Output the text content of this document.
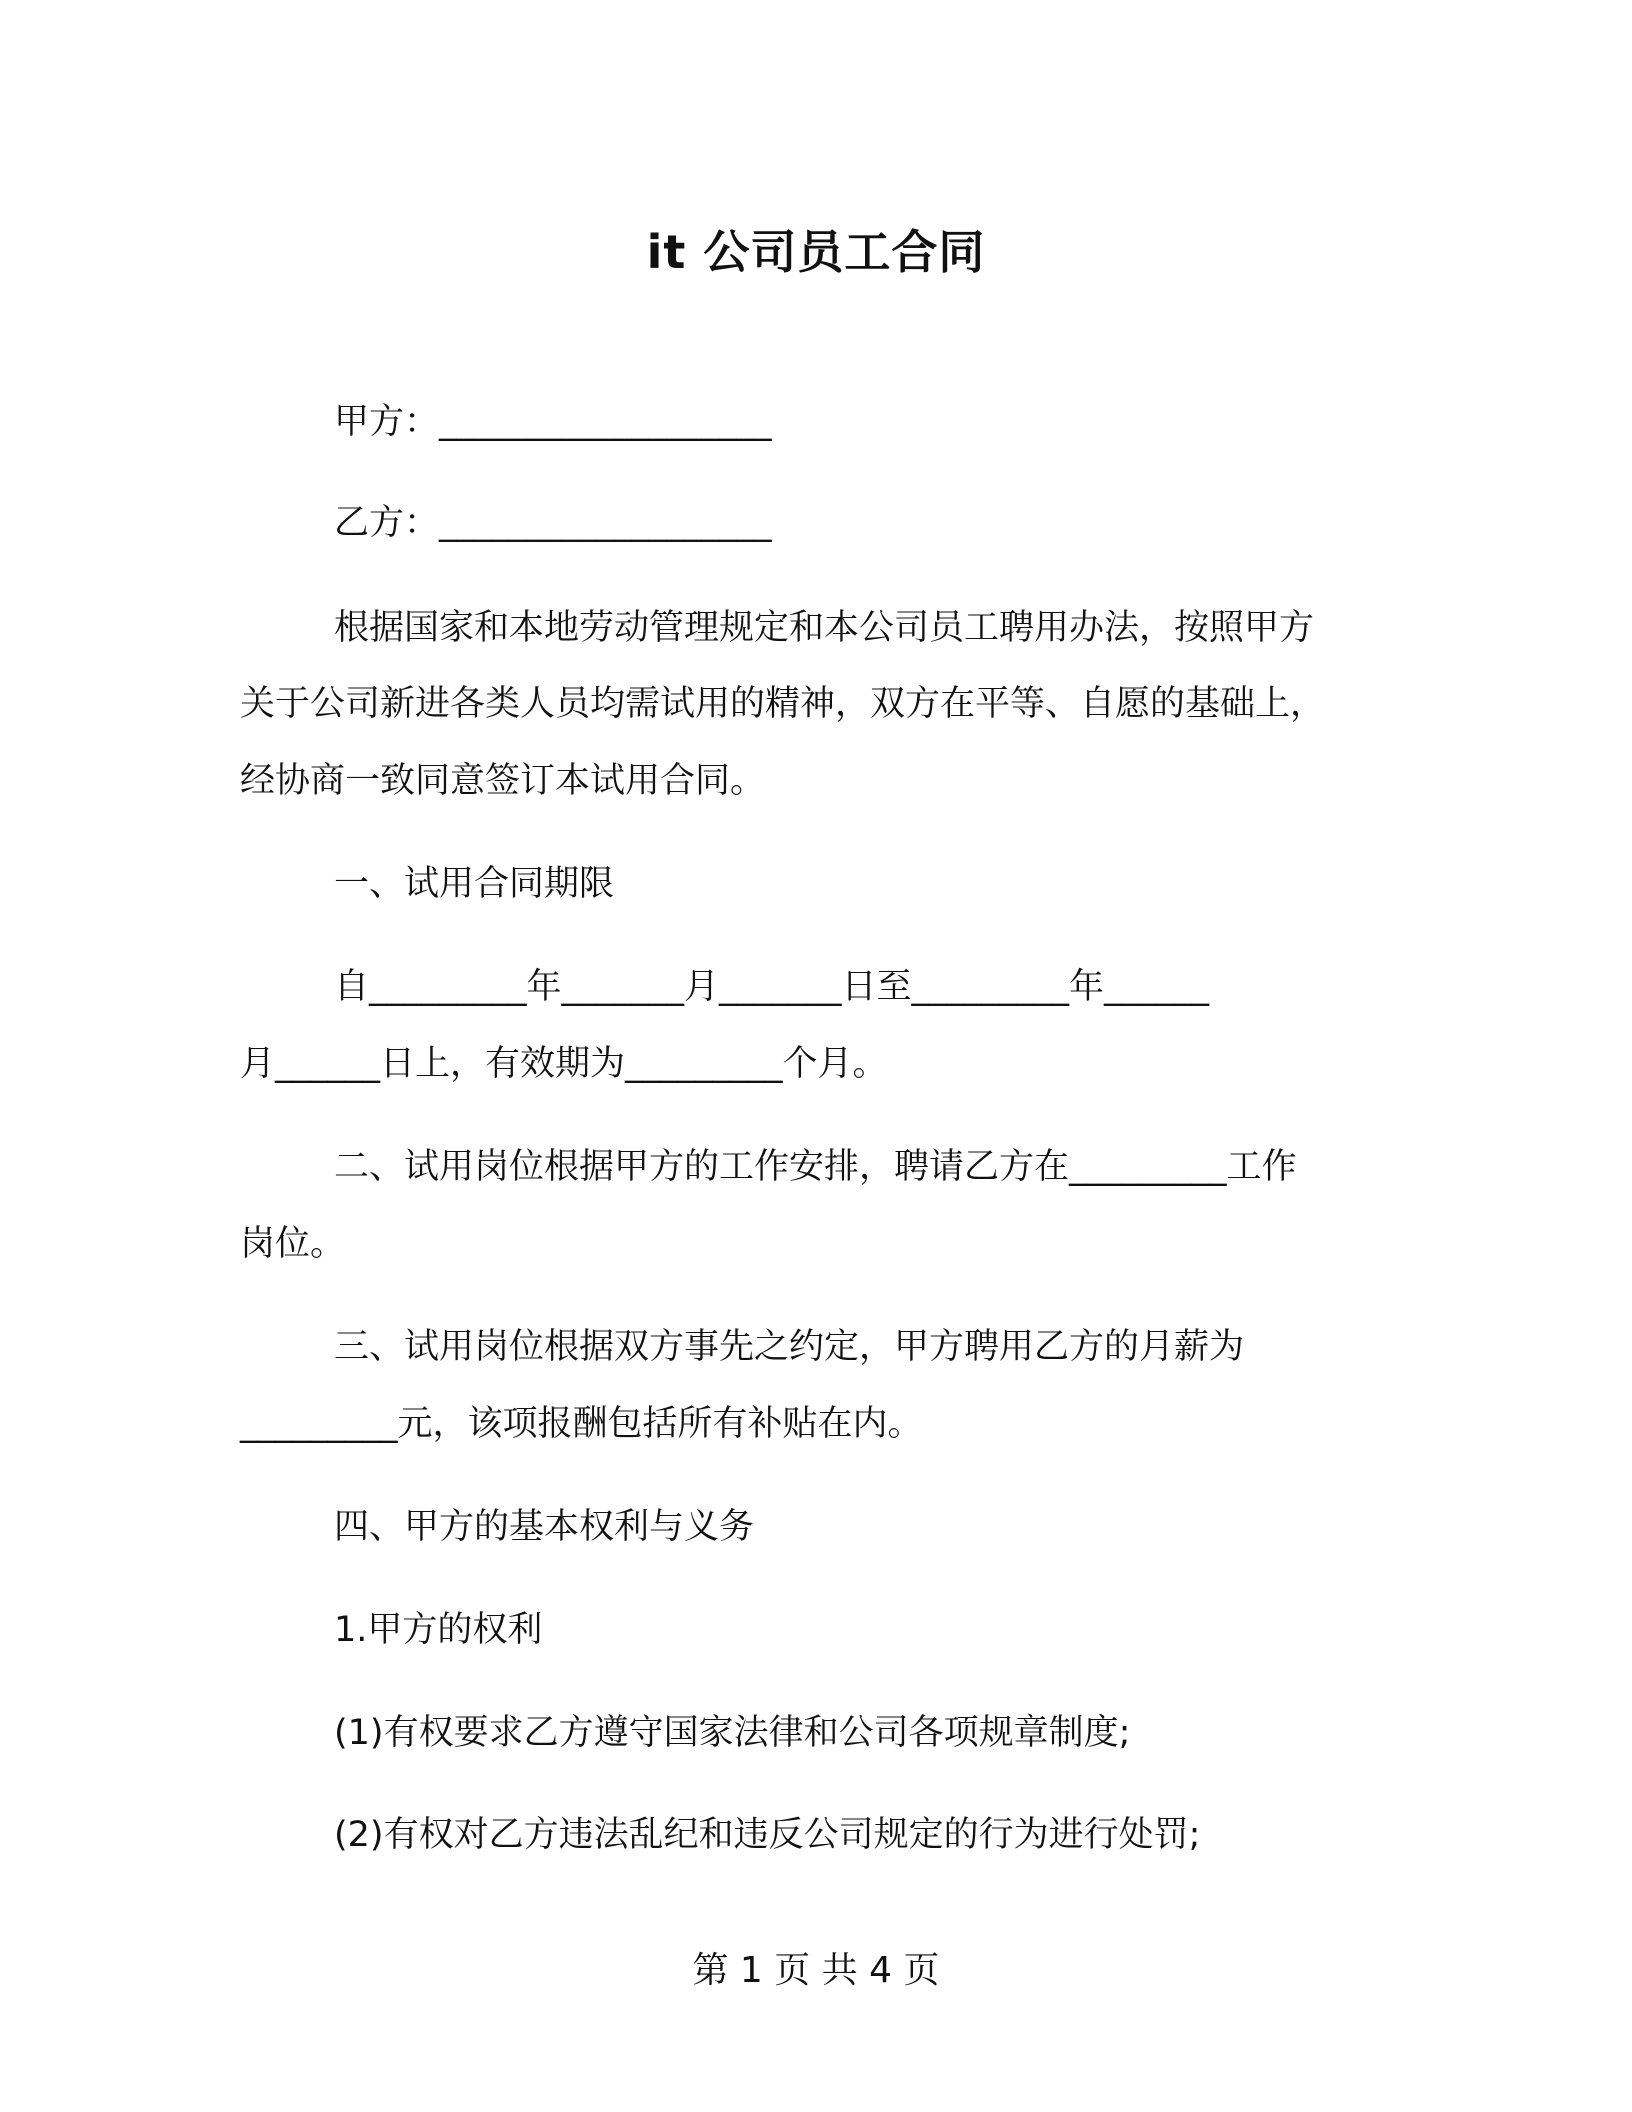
it 公司员工合同
甲方：___________________
乙方：___________________
根据国家和本地劳动管理规定和本公司员工聘用办法，按照甲方
关于公司新进各类人员均需试用的精神，双方在平等、自愿的基础上，
经协商一致同意签订本试用合同。
一、试用合同期限
自_________年_______月_______日至_________年______
月______日上，有效期为_________个月。
二、试用岗位根据甲方的工作安排，聘请乙方在_________工作
岗位。
三、试用岗位根据双方事先之约定，甲方聘用乙方的月薪为
_________元，该项报酬包括所有补贴在内。
四、甲方的基本权利与义务
1.甲方的权利
(1)有权要求乙方遵守国家法律和公司各项规章制度;
(2)有权对乙方违法乱纪和违反公司规定的行为进行处罚;
第 1 页 共 4 页
